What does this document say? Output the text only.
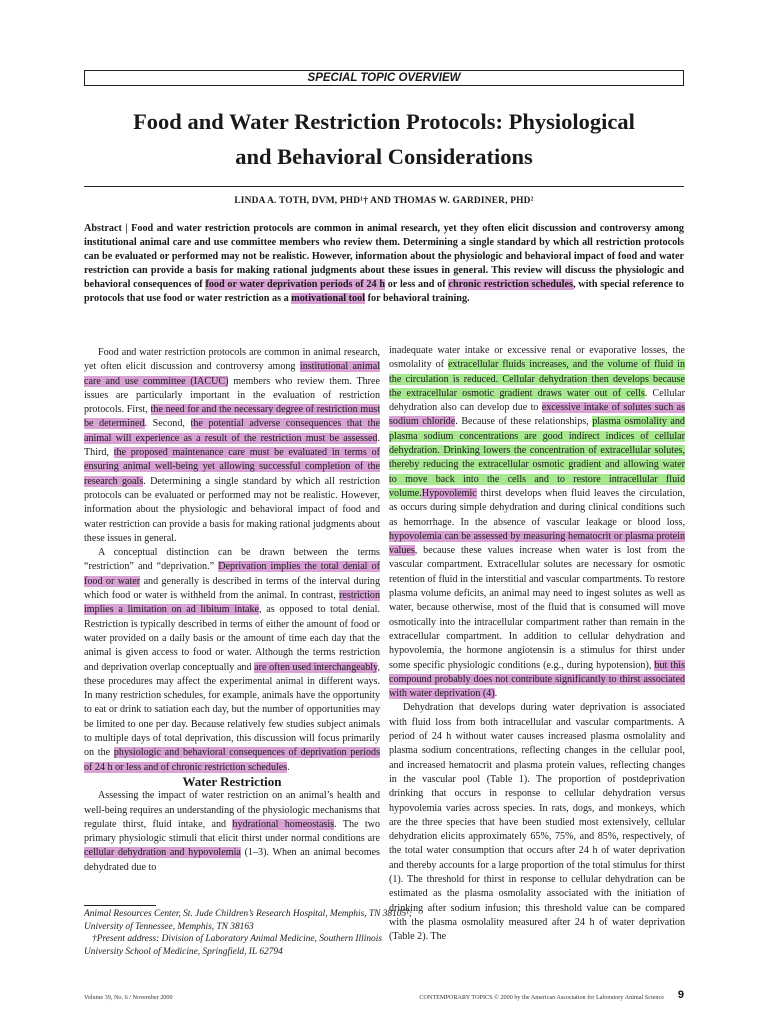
SPECIAL TOPIC OVERVIEW
Food and Water Restriction Protocols: Physiological
and Behavioral Considerations
LINDA A. TOTH, DVM, PHD¹† AND THOMAS W. GARDINER, PHD²
Abstract | Food and water restriction protocols are common in animal research, yet they often elicit discussion and controversy among institutional animal care and use committee members who review them. Determining a single standard by which all restriction protocols can be evaluated or performed may not be realistic. However, information about the physiologic and behavioral impact of food and water restriction can provide a basis for making rational judgments about these issues in general. This review will discuss the physiologic and behavioral consequences of food or water deprivation periods of 24 h or less and of chronic restriction schedules, with special reference to protocols that use food or water restriction as a motivational tool for behavioral training.

Food and water restriction protocols are common in animal research, yet often elicit discussion and controversy among institutional animal care and use committee (IACUC) members who review them. Three issues are particularly important in the evaluation of restriction protocols. First, the need for and the necessary degree of restriction must be determined. Second, the potential adverse consequences that the animal will experience as a result of the restriction must be assessed. Third, the proposed maintenance care must be evaluated in terms of ensuring animal well-being yet allowing successful completion of the research goals. Determining a single standard by which all restriction protocols can be evaluated or performed may not be realistic. However, information about the physiologic and behavioral impact of food and water restriction can provide a basis for making rational judgments about these issues in general.

A conceptual distinction can be drawn between the terms “restriction” and “deprivation.” Deprivation implies the total denial of food or water and generally is described in terms of the interval during which food or water is withheld from the animal. In contrast, restriction implies a limitation on ad libitum intake, as opposed to total denial. Restriction is typically described in terms of either the amount of food or water provided on a daily basis or the amount of time each day that the animal is given access to food or water. Although the terms restriction and deprivation overlap conceptually and are often used interchangeably, these procedures may affect the experimental animal in different ways. In many restriction schedules, for example, animals have the opportunity to eat or drink to satiation each day, but the number of opportunities may be limited to one per day. Because relatively few studies subject animals to multiple days of total deprivation, this discussion will focus primarily on the physiologic and behavioral consequences of deprivation periods of 24 h or less and of chronic restriction schedules.

Water Restriction

Assessing the impact of water restriction on an animal’s health and well-being requires an understanding of the physiologic mechanisms that regulate thirst, fluid intake, and hydrational homeostasis. The two primary physiologic stimuli that elicit thirst under normal conditions are cellular dehydration and hypovolemia (1–3). When an animal becomes dehydrated due to

inadequate water intake or excessive renal or evaporative losses, the osmolality of extracellular fluids increases, and the volume of fluid in the circulation is reduced. Cellular dehydration then develops because the extracellular osmotic gradient draws water out of cells. Cellular dehydration also can develop due to excessive intake of solutes such as sodium chloride. Because of these relationships, plasma osmolality and plasma sodium concentrations are good indirect indices of cellular dehydration. Drinking lowers the concentration of extracellular solutes, thereby reducing the extracellular osmotic gradient and allowing water to move back into the cells and to restore intracellular fluid volume.Hypovolemic thirst develops when fluid leaves the circulation, as occurs during simple dehydration and during clinical conditions such as hemorrhage. In the absence of vascular leakage or blood loss, hypovolemia can be assessed by measuring hematocrit or plasma protein values, because these values increase when water is lost from the vascular compartment. Extracellular solutes are necessary for osmotic retention of fluid in the interstitial and vascular compartments. To restore plasma volume deficits, an animal may need to ingest solutes as well as water, because otherwise, most of the fluid that is consumed will move osmotically into the intracellular compartment rather than remain in the extracellular compartment. In addition to cellular dehydration and hypovolemia, the hormone angiotensin is a stimulus for thirst under some specific physiologic conditions (e.g., during hypotension), but this compound probably does not contribute significantly to thirst associated with water deprivation (4).

Dehydration that develops during water deprivation is associated with fluid loss from both intracellular and vascular compartments. A period of 24 h without water causes increased plasma osmolality and plasma sodium concentrations, reflecting changes in the cellular pool, and increased hematocrit and plasma protein values, reflecting changes in the vascular pool (Table 1). The proportion of postdeprivation drinking that occurs in response to cellular dehydration versus hypovolemia varies across species. In rats, dogs, and monkeys, which are the three species that have been studied most extensively, cellular dehydration elicits approximately 65%, 75%, and 85%, respectively, of the total water consumption that occurs after 24 h of water deprivation and thereby accounts for a large proportion of the total stimulus for thirst (1). The threshold for thirst in response to cellular dehydration can be estimated as the plasma osmolality associated with the initiation of drinking after sodium infusion; this threshold value can be compared with the plasma osmolality measured after 24 h of water deprivation (Table 2). The

Animal Resources Center, St. Jude Children’s Research Hospital, Memphis, TN 38105¹; University of Tennessee, Memphis, TN 38163
†Present address: Division of Laboratory Animal Medicine, Southern Illinois University School of Medicine, Springfield, IL 62794
Volume 39, No. 6 / November 2000	CONTEMPORARY TOPICS © 2000 by the American Association for Laboratory Animal Science 9
